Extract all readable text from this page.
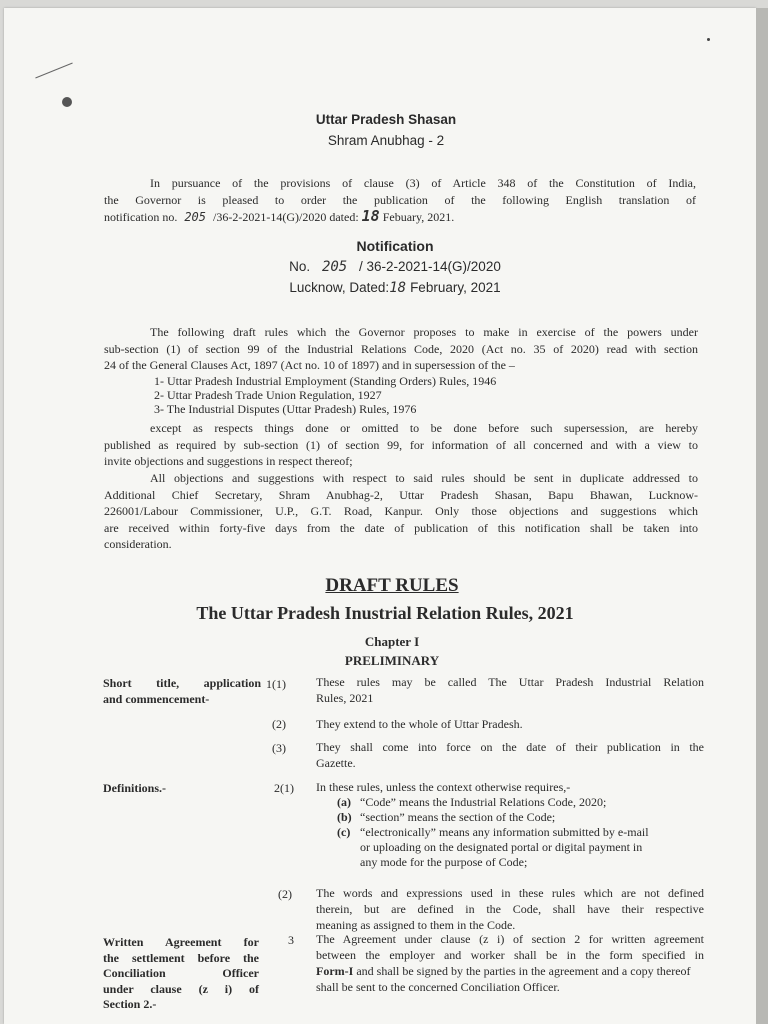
Uttar Pradesh Shasan
Shram Anubhag - 2
In pursuance of the provisions of clause (3) of Article 348 of the Constitution of India,
the Governor is pleased to order the publication of the following English translation of
notification no. 205 /36-2-2021-14(G)/2020 dated: 18 Febuary, 2021.
Notification
No. 205 / 36-2-2021-14(G)/2020
Lucknow, Dated:18 February, 2021
The following draft rules which the Governor proposes to make in exercise of the powers under
sub-section (1) of section 99 of the Industrial Relations Code, 2020 (Act no. 35 of 2020) read with section
24 of the General Clauses Act, 1897 (Act no. 10 of 1897) and in supersession of the –
1- Uttar Pradesh Industrial Employment (Standing Orders) Rules, 1946
2- Uttar Pradesh Trade Union Regulation, 1927
3- The Industrial Disputes (Uttar Pradesh) Rules, 1976
except as respects things done or omitted to be done before such supersession, are hereby
published as required by sub-section (1) of section 99, for information of all concerned and with a view to
invite objections and suggestions in respect thereof;
All objections and suggestions with respect to said rules should be sent in duplicate addressed to
Additional Chief Secretary, Shram Anubhag-2, Uttar Pradesh Shasan, Bapu Bhawan, Lucknow-
226001/Labour Commissioner, U.P., G.T. Road, Kanpur. Only those objections and suggestions which
are received within forty-five days from the date of publication of this notification shall be taken into
consideration.
DRAFT RULES
The Uttar Pradesh Inustrial Relation Rules, 2021
Chapter I
PRELIMINARY
Short title, application
and commencement-
1(1)	These rules may be called The Uttar Pradesh Industrial Relation
Rules, 2021
(2)	They extend to the whole of Uttar Pradesh.
(3)	They shall come into force on the date of their publication in the
Gazette.
Definitions.-	2(1) In these rules, unless the context otherwise requires,-
(a) “Code” means the Industrial Relations Code, 2020;
(b) “section” means the section of the Code;
(c) “electronically” means any information submitted by e-mail
or uploading on the designated portal or digital payment in
any mode for the purpose of Code;
(2) The words and expressions used in these rules which are not defined
therein, but are defined in the Code, shall have their respective
meaning as assigned to them in the Code.
Written Agreement for
the settlement before the
Conciliation Officer
under clause (z i) of
Section 2.-
3 The Agreement under clause (z i) of section 2 for written agreement
between the employer and worker shall be in the form specified in
Form-I and shall be signed by the parties in the agreement and a copy thereof shall be sent to the concerned Conciliation Officer.
